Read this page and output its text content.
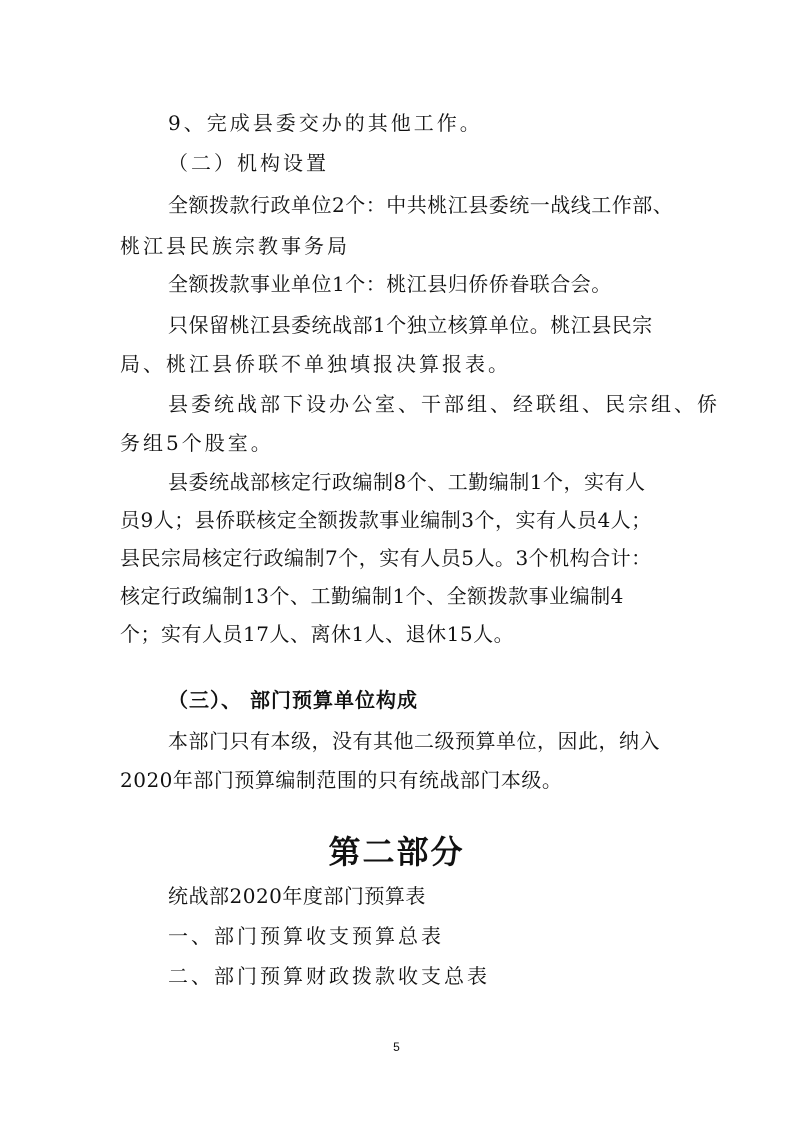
9、完成县委交办的其他工作。
（二）机构设置
全额拨款行政单位2个：中共桃江县委统一战线工作部、
桃江县民族宗教事务局
全额拨款事业单位1个：桃江县归侨侨眷联合会。
只保留桃江县委统战部1个独立核算单位。桃江县民宗
局、桃江县侨联不单独填报决算报表。
县委统战部下设办公室、干部组、经联组、民宗组、侨
务组5个股室。
县委统战部核定行政编制8个、工勤编制1个，实有人
员9人；县侨联核定全额拨款事业编制3个，实有人员4人；
县民宗局核定行政编制7个，实有人员5人。3个机构合计：
核定行政编制13个、工勤编制1个、全额拨款事业编制4
个；实有人员17人、离休1人、退休15人。
（三）、 部门预算单位构成
本部门只有本级，没有其他二级预算单位，因此，纳入
2020年部门预算编制范围的只有统战部门本级。
第二部分
统战部2020年度部门预算表
一、部门预算收支预算总表
二、部门预算财政拨款收支总表
5
